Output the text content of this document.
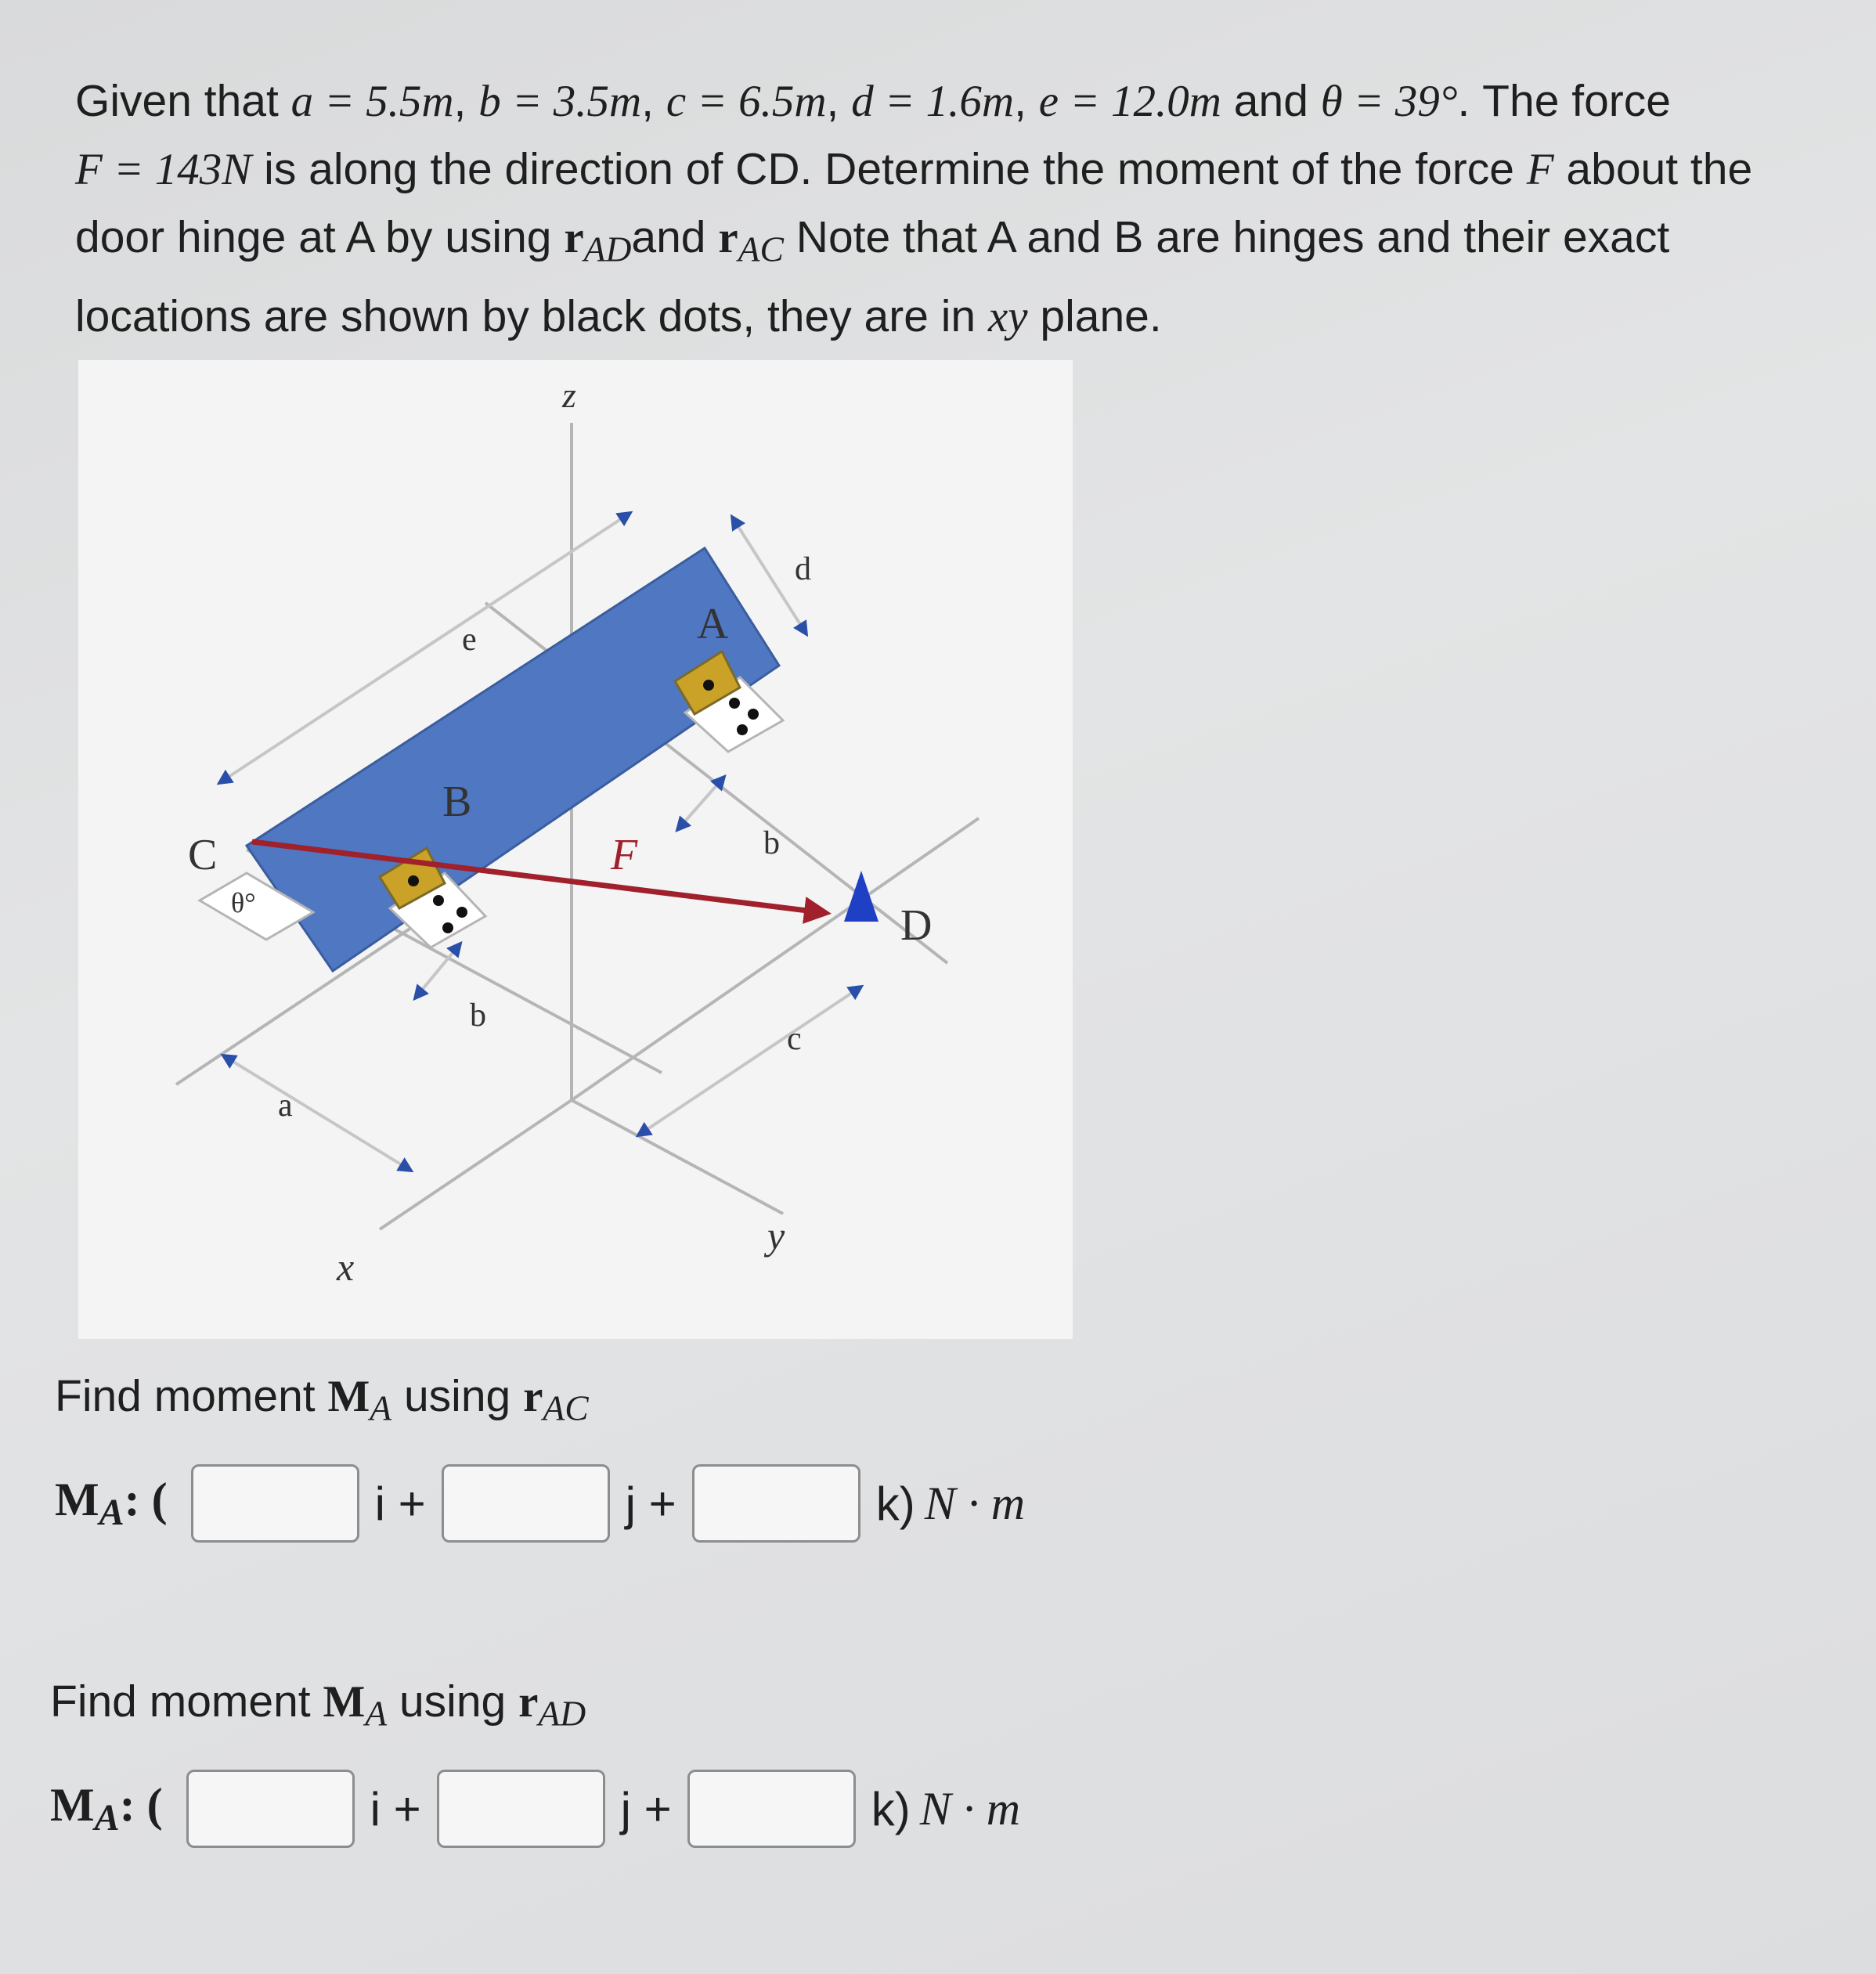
Given that a = 5.5m, b = 3.5m, c = 6.5m, d = 1.6m, e = 12.0m and θ = 39°. The force
F = 143N is along the direction of CD. Determine the moment of the force F about the door hinge at A by using $r_{AD}and$ $r_{AC}$ Note that A and B are hinges and their exact locations are shown by black dots, they are in xy plane.
z
x
y
A
B
C
D
F
θ°
a
b
b
c
d
e
Find moment $M_A$ using $r_{AC}$
$M_A$: (	i +	j +	k) N · m
Find moment $M_A$ using $r_{AD}$
$M_A$: (	i +	j +	k) N · m
